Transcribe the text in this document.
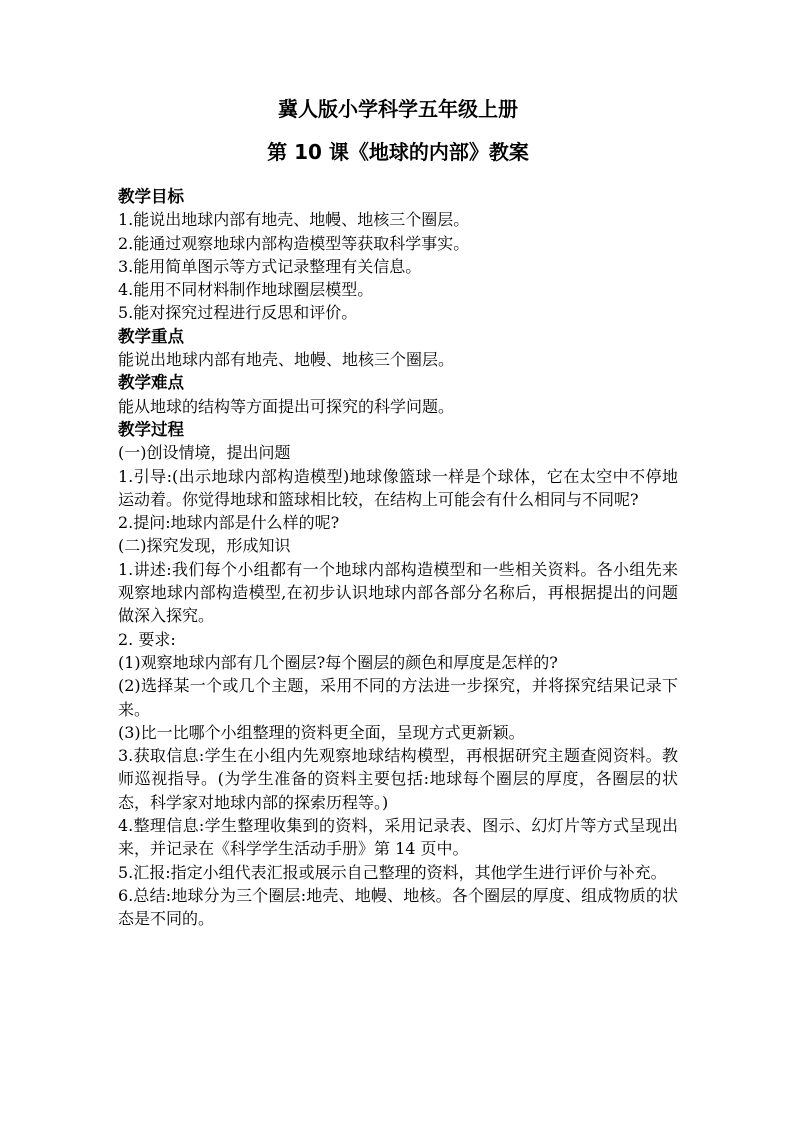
冀人版小学科学五年级上册
第 10 课《地球的内部》教案

教学目标

1.能说出地球内部有地壳、地幔、地核三个圈层。

2.能通过观察地球内部构造模型等获取科学事实。

3.能用简单图示等方式记录整理有关信息。

4.能用不同材料制作地球圈层模型。

5.能对探究过程进行反思和评价。

教学重点

能说出地球内部有地壳、地幔、地核三个圈层。

教学难点

能从地球的结构等方面提出可探究的科学问题。

教学过程

(一)创设情境，提出问题

1.引导:(出示地球内部构造模型)地球像篮球一样是个球体，它在太空中不停地运动着。你觉得地球和篮球相比较，在结构上可能会有什么相同与不同呢?

2.提问:地球内部是什么样的呢?

(二)探究发现，形成知识

1.讲述:我们每个小组都有一个地球内部构造模型和一些相关资料。各小组先来观察地球内部构造模型,在初步认识地球内部各部分名称后，再根据提出的问题做深入探究。

2. 要求:

(1)观察地球内部有几个圈层?每个圈层的颜色和厚度是怎样的?

(2)选择某一个或几个主题，采用不同的方法进一步探究，并将探究结果记录下来。

(3)比一比哪个小组整理的资料更全面，呈现方式更新颖。

3.获取信息:学生在小组内先观察地球结构模型，再根据研究主题查阅资料。教师巡视指导。(为学生准备的资料主要包括:地球每个圈层的厚度，各圈层的状态，科学家对地球内部的探索历程等。)

4.整理信息:学生整理收集到的资料，采用记录表、图示、幻灯片等方式呈现出来，并记录在《科学学生活动手册》第 14 页中。

5.汇报:指定小组代表汇报或展示自己整理的资料，其他学生进行评价与补充。

6.总结:地球分为三个圈层:地壳、地幔、地核。各个圈层的厚度、组成物质的状态是不同的。
